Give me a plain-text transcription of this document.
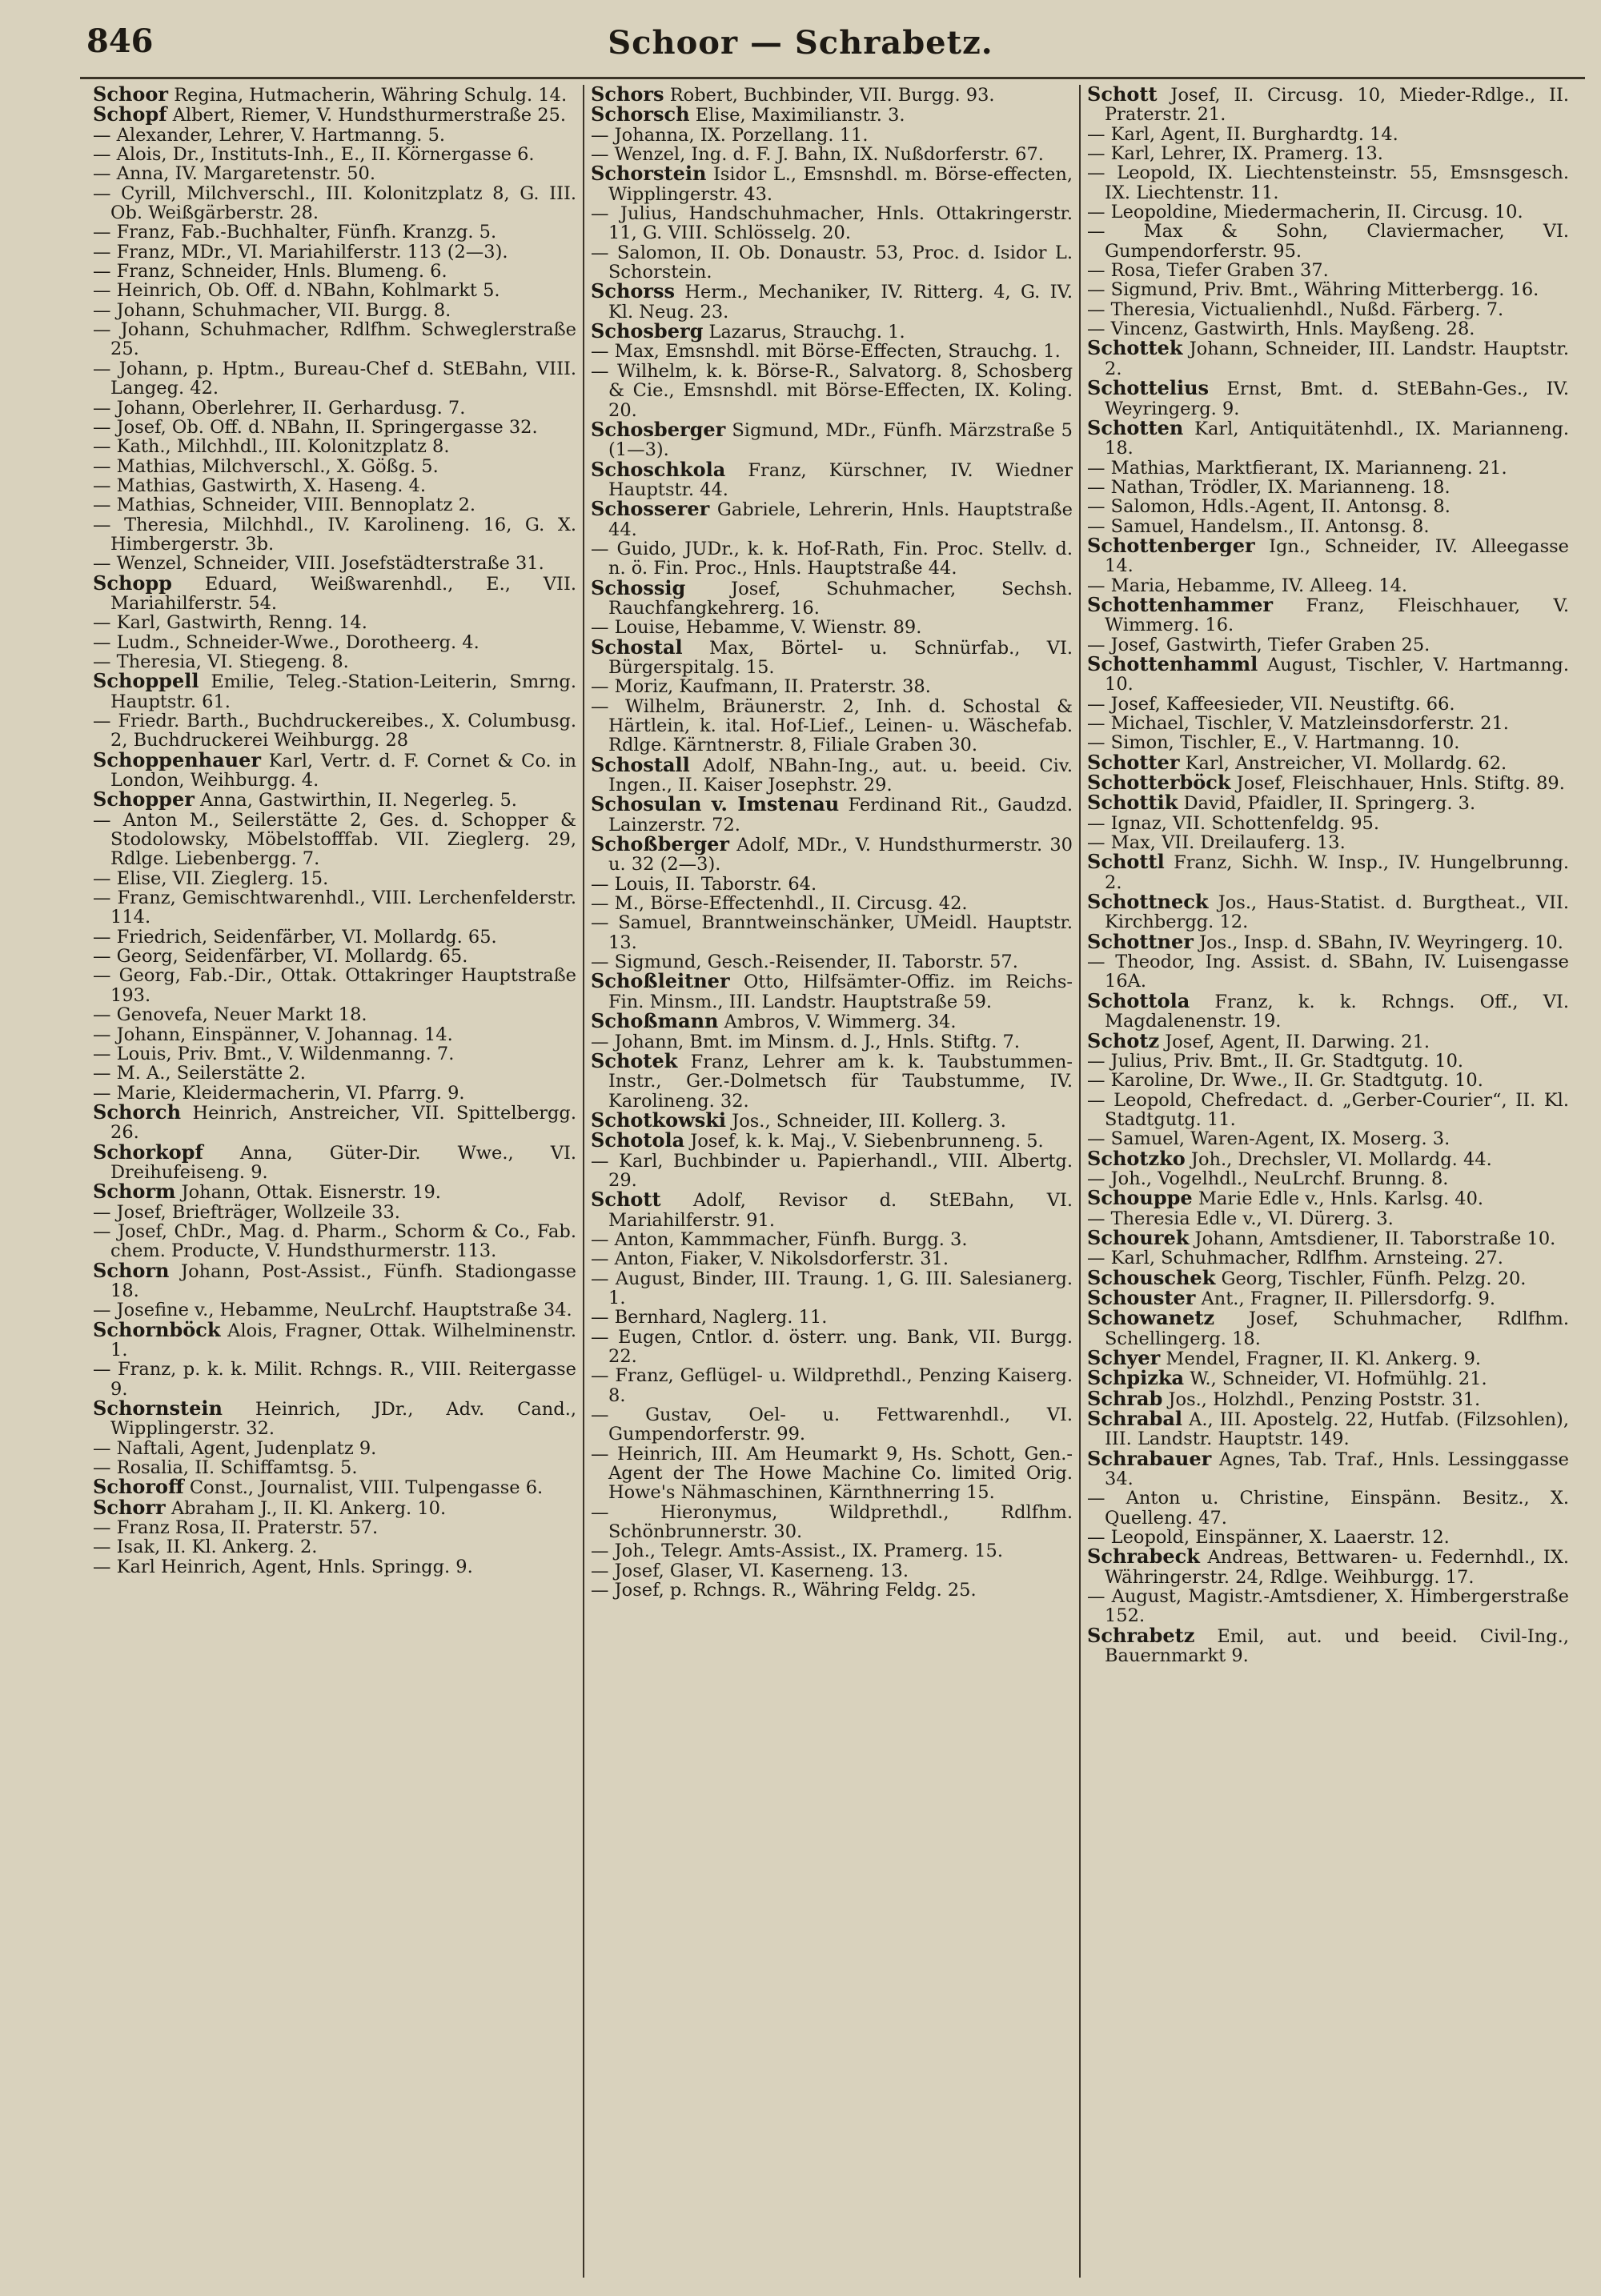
846	Schoor — Schrabetz.

Schoor Regina, Hutmacherin, Währing Schulg. 14.

Schopf Albert, Riemer, V. Hundsthurmerstraße 25.

— Alexander, Lehrer, V. Hartmanng. 5.

— Alois, Dr., Instituts-Inh., E., II. Körnergasse 6.

— Anna, IV. Margaretenstr. 50.

— Cyrill, Milchverschl., III. Kolonitzplatz 8, G. III. Ob. Weißgärberstr. 28.

— Franz, Fab.-Buchhalter, Fünfh. Kranzg. 5.

— Franz, MDr., VI. Mariahilferstr. 113 (2—3).

— Franz, Schneider, Hnls. Blumeng. 6.

— Heinrich, Ob. Off. d. NBahn, Kohlmarkt 5.

— Johann, Schuhmacher, VII. Burgg. 8.

— Johann, Schuhmacher, Rdlfhm. Schweglerstraße 25.

— Johann, p. Hptm., Bureau-Chef d. StEBahn, VIII. Langeg. 42.

— Johann, Oberlehrer, II. Gerhardusg. 7.

— Josef, Ob. Off. d. NBahn, II. Springergasse 32.

— Kath., Milchhdl., III. Kolonitzplatz 8.

— Mathias, Milchverschl., X. Gößg. 5.

— Mathias, Gastwirth, X. Haseng. 4.

— Mathias, Schneider, VIII. Bennoplatz 2.

— Theresia, Milchhdl., IV. Karolineng. 16, G. X. Himbergerstr. 3b.

— Wenzel, Schneider, VIII. Josefstädterstraße 31.

Schopp Eduard, Weißwarenhdl., E., VII. Mariahilferstr. 54.

— Karl, Gastwirth, Renng. 14.

— Ludm., Schneider-Wwe., Dorotheerg. 4.

— Theresia, VI. Stiegeng. 8.

Schoppell Emilie, Teleg.-Station-Leiterin, Smrng. Hauptstr. 61.

— Friedr. Barth., Buchdruckereibes., X. Columbusg. 2, Buchdruckerei Weihburgg. 28

Schoppenhauer Karl, Vertr. d. F. Cornet & Co. in London, Weihburgg. 4.

Schopper Anna, Gastwirthin, II. Negerleg. 5.

— Anton M., Seilerstätte 2, Ges. d. Schopper & Stodolowsky, Möbelstofffab. VII. Zieglerg. 29, Rdlge. Liebenbergg. 7.

— Elise, VII. Zieglerg. 15.

— Franz, Gemischtwarenhdl., VIII. Lerchenfelderstr. 114.

— Friedrich, Seidenfärber, VI. Mollardg. 65.

— Georg, Seidenfärber, VI. Mollardg. 65.

— Georg, Fab.-Dir., Ottak. Ottakringer Hauptstraße 193.

— Genovefa, Neuer Markt 18.

— Johann, Einspänner, V. Johannag. 14.

— Louis, Priv. Bmt., V. Wildenmanng. 7.

— M. A., Seilerstätte 2.

— Marie, Kleidermacherin, VI. Pfarrg. 9.

Schorch Heinrich, Anstreicher, VII. Spittelbergg. 26.

Schorkopf Anna, Güter-Dir. Wwe., VI. Dreihufeiseng. 9.

Schorm Johann, Ottak. Eisnerstr. 19.

— Josef, Briefträger, Wollzeile 33.

— Josef, ChDr., Mag. d. Pharm., Schorm & Co., Fab. chem. Producte, V. Hundsthurmerstr. 113.

Schorn Johann, Post-Assist., Fünfh. Stadiongasse 18.

— Josefine v., Hebamme, NeuLrchf. Hauptstraße 34.

Schornböck Alois, Fragner, Ottak. Wilhelminenstr. 1.

— Franz, p. k. k. Milit. Rchngs. R., VIII. Reitergasse 9.

Schornstein Heinrich, JDr., Adv. Cand., Wipplingerstr. 32.

— Naftali, Agent, Judenplatz 9.

— Rosalia, II. Schiffamtsg. 5.

Schoroff Const., Journalist, VIII. Tulpengasse 6.

Schorr Abraham J., II. Kl. Ankerg. 10.

— Franz Rosa, II. Praterstr. 57.

— Isak, II. Kl. Ankerg. 2.

— Karl Heinrich, Agent, Hnls. Springg. 9.

Schors Robert, Buchbinder, VII. Burgg. 93.

Schorsch Elise, Maximilianstr. 3.

— Johanna, IX. Porzellang. 11.

— Wenzel, Ing. d. F. J. Bahn, IX. Nußdorferstr. 67.

Schorstein Isidor L., Emsnshdl. m. Börse-effecten, Wipplingerstr. 43.

— Julius, Handschuhmacher, Hnls. Ottakringerstr. 11, G. VIII. Schlösselg. 20.

— Salomon, II. Ob. Donaustr. 53, Proc. d. Isidor L. Schorstein.

Schorss Herm., Mechaniker, IV. Ritterg. 4, G. IV. Kl. Neug. 23.

Schosberg Lazarus, Strauchg. 1.

— Max, Emsnshdl. mit Börse-Effecten, Strauchg. 1.

— Wilhelm, k. k. Börse-R., Salvatorg. 8, Schosberg & Cie., Emsnshdl. mit Börse-Effecten, IX. Koling. 20.

Schosberger Sigmund, MDr., Fünfh. Märzstraße 5 (1—3).

Schoschkola Franz, Kürschner, IV. Wiedner Hauptstr. 44.

Schosserer Gabriele, Lehrerin, Hnls. Hauptstraße 44.

— Guido, JUDr., k. k. Hof-Rath, Fin. Proc. Stellv. d. n. ö. Fin. Proc., Hnls. Hauptstraße 44.

Schossig Josef, Schuhmacher, Sechsh. Rauchfangkehrerg. 16.

— Louise, Hebamme, V. Wienstr. 89.

Schostal Max, Börtel- u. Schnürfab., VI. Bürgerspitalg. 15.

— Moriz, Kaufmann, II. Praterstr. 38.

— Wilhelm, Bräunerstr. 2, Inh. d. Schostal & Härtlein, k. ital. Hof-Lief., Leinen- u. Wäschefab. Rdlge. Kärntnerstr. 8, Filiale Graben 30.

Schostall Adolf, NBahn-Ing., aut. u. beeid. Civ. Ingen., II. Kaiser Josephstr. 29.

Schosulan v. Imstenau Ferdinand Rit., Gaudzd. Lainzerstr. 72.

Schoßberger Adolf, MDr., V. Hundsthurmerstr. 30 u. 32 (2—3).

— Louis, II. Taborstr. 64.

— M., Börse-Effectenhdl., II. Circusg. 42.

— Samuel, Branntweinschänker, UMeidl. Hauptstr. 13.

— Sigmund, Gesch.-Reisender, II. Taborstr. 57.

Schoßleitner Otto, Hilfsämter-Offiz. im Reichs-Fin. Minsm., III. Landstr. Hauptstraße 59.

Schoßmann Ambros, V. Wimmerg. 34.

— Johann, Bmt. im Minsm. d. J., Hnls. Stiftg. 7.

Schotek Franz, Lehrer am k. k. Taubstummen-Instr., Ger.-Dolmetsch für Taubstumme, IV. Karolineng. 32.

Schotkowski Jos., Schneider, III. Kollerg. 3.

Schotola Josef, k. k. Maj., V. Siebenbrunneng. 5.

— Karl, Buchbinder u. Papierhandl., VIII. Albertg. 29.

Schott Adolf, Revisor d. StEBahn, VI. Mariahilferstr. 91.

— Anton, Kammmacher, Fünfh. Burgg. 3.

— Anton, Fiaker, V. Nikolsdorferstr. 31.

— August, Binder, III. Traung. 1, G. III. Salesianerg. 1.

— Bernhard, Naglerg. 11.

— Eugen, Cntlor. d. österr. ung. Bank, VII. Burgg. 22.

— Franz, Geflügel- u. Wildprethdl., Penzing Kaiserg. 8.

— Gustav, Oel- u. Fettwarenhdl., VI. Gumpendorferstr. 99.

— Heinrich, III. Am Heumarkt 9, Hs. Schott, Gen.-Agent der The Howe Machine Co. limited Orig. Howe's Nähmaschinen, Kärnthnerring 15.

— Hieronymus, Wildprethdl., Rdlfhm. Schönbrunnerstr. 30.

— Joh., Telegr. Amts-Assist., IX. Pramerg. 15.

— Josef, Glaser, VI. Kaserneng. 13.

— Josef, p. Rchngs. R., Währing Feldg. 25.

Schott Josef, II. Circusg. 10, Mieder-Rdlge., II. Praterstr. 21.

— Karl, Agent, II. Burghardtg. 14.

— Karl, Lehrer, IX. Pramerg. 13.

— Leopold, IX. Liechtensteinstr. 55, Emsnsgesch. IX. Liechtenstr. 11.

— Leopoldine, Miedermacherin, II. Circusg. 10.

— Max & Sohn, Claviermacher, VI. Gumpendorferstr. 95.

— Rosa, Tiefer Graben 37.

— Sigmund, Priv. Bmt., Währing Mitterbergg. 16.

— Theresia, Victualienhdl., Nußd. Färberg. 7.

— Vincenz, Gastwirth, Hnls. Mayßeng. 28.

Schottek Johann, Schneider, III. Landstr. Hauptstr. 2.

Schottelius Ernst, Bmt. d. StEBahn-Ges., IV. Weyringerg. 9.

Schotten Karl, Antiquitätenhdl., IX. Marianneng. 18.

— Mathias, Marktfierant, IX. Marianneng. 21.

— Nathan, Trödler, IX. Marianneng. 18.

— Salomon, Hdls.-Agent, II. Antonsg. 8.

— Samuel, Handelsm., II. Antonsg. 8.

Schottenberger Ign., Schneider, IV. Alleegasse 14.

— Maria, Hebamme, IV. Alleeg. 14.

Schottenhammer Franz, Fleischhauer, V. Wimmerg. 16.

— Josef, Gastwirth, Tiefer Graben 25.

Schottenhamml August, Tischler, V. Hartmanng. 10.

— Josef, Kaffeesieder, VII. Neustiftg. 66.

— Michael, Tischler, V. Matzleinsdorferstr. 21.

— Simon, Tischler, E., V. Hartmanng. 10.

Schotter Karl, Anstreicher, VI. Mollardg. 62.

Schotterböck Josef, Fleischhauer, Hnls. Stiftg. 89.

Schottik David, Pfaidler, II. Springerg. 3.

— Ignaz, VII. Schottenfeldg. 95.

— Max, VII. Dreilauferg. 13.

Schottl Franz, Sichh. W. Insp., IV. Hungelbrunng. 2.

Schottneck Jos., Haus-Statist. d. Burgtheat., VII. Kirchbergg. 12.

Schottner Jos., Insp. d. SBahn, IV. Weyringerg. 10.

— Theodor, Ing. Assist. d. SBahn, IV. Luisengasse 16A.

Schottola Franz, k. k. Rchngs. Off., VI. Magdalenenstr. 19.

Schotz Josef, Agent, II. Darwing. 21.

— Julius, Priv. Bmt., II. Gr. Stadtgutg. 10.

— Karoline, Dr. Wwe., II. Gr. Stadtgutg. 10.

— Leopold, Chefredact. d. „Gerber-Courier“, II. Kl. Stadtgutg. 11.

— Samuel, Waren-Agent, IX. Moserg. 3.

Schotzko Joh., Drechsler, VI. Mollardg. 44.

— Joh., Vogelhdl., NeuLrchf. Brunng. 8.

Schouppe Marie Edle v., Hnls. Karlsg. 40.

— Theresia Edle v., VI. Dürerg. 3.

Schourek Johann, Amtsdiener, II. Taborstraße 10.

— Karl, Schuhmacher, Rdlfhm. Arnsteing. 27.

Schouschek Georg, Tischler, Fünfh. Pelzg. 20.

Schouster Ant., Fragner, II. Pillersdorfg. 9.

Schowanetz Josef, Schuhmacher, Rdlfhm. Schellingerg. 18.

Schyer Mendel, Fragner, II. Kl. Ankerg. 9.

Schpizka W., Schneider, VI. Hofmühlg. 21.

Schrab Jos., Holzhdl., Penzing Poststr. 31.

Schrabal A., III. Apostelg. 22, Hutfab. (Filzsohlen), III. Landstr. Hauptstr. 149.

Schrabauer Agnes, Tab. Traf., Hnls. Lessinggasse 34.

— Anton u. Christine, Einspänn. Besitz., X. Quelleng. 47.

— Leopold, Einspänner, X. Laaerstr. 12.

Schrabeck Andreas, Bettwaren- u. Federnhdl., IX. Währingerstr. 24, Rdlge. Weihburgg. 17.

— August, Magistr.-Amtsdiener, X. Himbergerstraße 152.

Schrabetz Emil, aut. und beeid. Civil-Ing., Bauernmarkt 9.
